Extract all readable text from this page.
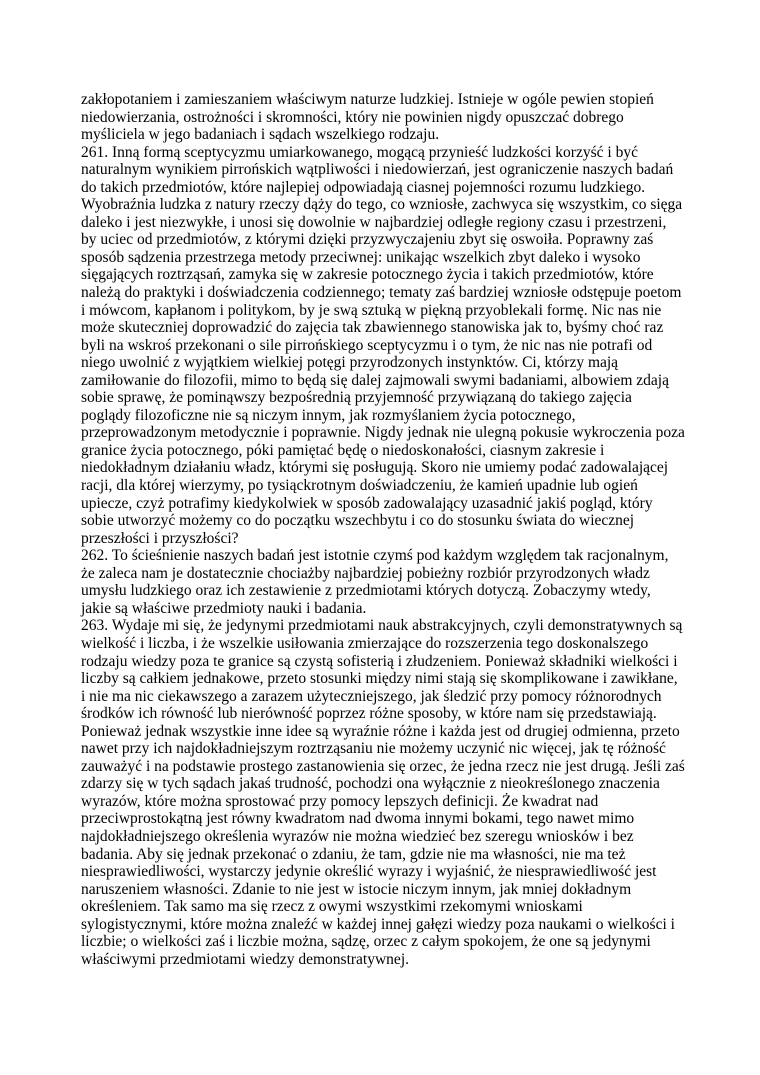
zakłopotaniem i zamieszaniem właściwym naturze ludzkiej. Istnieje w ogóle pewien stopień
niedowierzania, ostrożności i skromności, który nie powinien nigdy opuszczać dobrego
myśliciela w jego badaniach i sądach wszelkiego rodzaju.
261. Inną formą sceptycyzmu umiarkowanego, mogącą przynieść ludzkości korzyść i być
naturalnym wynikiem pirrońskich wątpliwości i niedowierzań, jest ograniczenie naszych badań
do takich przedmiotów, które najlepiej odpowiadają ciasnej pojemności rozumu ludzkiego.
Wyobraźnia ludzka z natury rzeczy dąży do tego, co wzniosłe, zachwyca się wszystkim, co sięga
daleko i jest niezwykłe, i unosi się dowolnie w najbardziej odległe regiony czasu i przestrzeni,
by uciec od przedmiotów, z którymi dzięki przyzwyczajeniu zbyt się oswoiła. Poprawny zaś
sposób sądzenia przestrzega metody przeciwnej: unikając wszelkich zbyt daleko i wysoko
sięgających roztrząsań, zamyka się w zakresie potocznego życia i takich przedmiotów, które
należą do praktyki i doświadczenia codziennego; tematy zaś bardziej wzniosłe odstępuje poetom
i mówcom, kapłanom i politykom, by je swą sztuką w piękną przyoblekali formę. Nic nas nie
może skuteczniej doprowadzić do zajęcia tak zbawiennego stanowiska jak to, byśmy choć raz
byli na wskroś przekonani o sile pirrońskiego sceptycyzmu i o tym, że nic nas nie potrafi od
niego uwolnić z wyjątkiem wielkiej potęgi przyrodzonych instynktów. Ci, którzy mają
zamiłowanie do filozofii, mimo to będą się dalej zajmowali swymi badaniami, albowiem zdają
sobie sprawę, że pominąwszy bezpośrednią przyjemność przywiązaną do takiego zajęcia
poglądy filozoficzne nie są niczym innym, jak rozmyślaniem życia potocznego,
przeprowadzonym metodycznie i poprawnie. Nigdy jednak nie ulegną pokusie wykroczenia poza
granice życia potocznego, póki pamiętać będę o niedoskonałości, ciasnym zakresie i
niedokładnym działaniu władz, którymi się posługują. Skoro nie umiemy podać zadowalającej
racji, dla której wierzymy, po tysiąckrotnym doświadczeniu, że kamień upadnie lub ogień
upiecze, czyż potrafimy kiedykolwiek w sposób zadowalający uzasadnić jakiś pogląd, który
sobie utworzyć możemy co do początku wszechbytu i co do stosunku świata do wiecznej
przeszłości i przyszłości?
262. To ścieśnienie naszych badań jest istotnie czymś pod każdym względem tak racjonalnym,
że zaleca nam je dostatecznie chociażby najbardziej pobieżny rozbiór przyrodzonych władz
umysłu ludzkiego oraz ich zestawienie z przedmiotami których dotyczą. Zobaczymy wtedy,
jakie są właściwe przedmioty nauki i badania.
263. Wydaje mi się, że jedynymi przedmiotami nauk abstrakcyjnych, czyli demonstratywnych są
wielkość i liczba, i że wszelkie usiłowania zmierzające do rozszerzenia tego doskonalszego
rodzaju wiedzy poza te granice są czystą sofisterią i złudzeniem. Ponieważ składniki wielkości i
liczby są całkiem jednakowe, przeto stosunki między nimi stają się skomplikowane i zawikłane,
i nie ma nic ciekawszego a zarazem użyteczniejszego, jak śledzić przy pomocy różnorodnych
środków ich równość lub nierówność poprzez różne sposoby, w które nam się przedstawiają.
Ponieważ jednak wszystkie inne idee są wyraźnie różne i każda jest od drugiej odmienna, przeto
nawet przy ich najdokładniejszym roztrząsaniu nie możemy uczynić nic więcej, jak tę różność
zauważyć i na podstawie prostego zastanowienia się orzec, że jedna rzecz nie jest drugą. Jeśli zaś
zdarzy się w tych sądach jakaś trudność, pochodzi ona wyłącznie z nieokreślonego znaczenia
wyrazów, które można sprostować przy pomocy lepszych definicji. Że kwadrat nad
przeciwprostokątną jest równy kwadratom nad dwoma innymi bokami, tego nawet mimo
najdokładniejszego określenia wyrazów nie można wiedzieć bez szeregu wniosków i bez
badania. Aby się jednak przekonać o zdaniu, że tam, gdzie nie ma własności, nie ma też
niesprawiedliwości, wystarczy jedynie określić wyrazy i wyjaśnić, że niesprawiedliwość jest
naruszeniem własności. Zdanie to nie jest w istocie niczym innym, jak mniej dokładnym
określeniem. Tak samo ma się rzecz z owymi wszystkimi rzekomymi wnioskami
sylogistycznymi, które można znaleźć w każdej innej gałęzi wiedzy poza naukami o wielkości i
liczbie; o wielkości zaś i liczbie można, sądzę, orzec z całym spokojem, że one są jedynymi
właściwymi przedmiotami wiedzy demonstratywnej.
